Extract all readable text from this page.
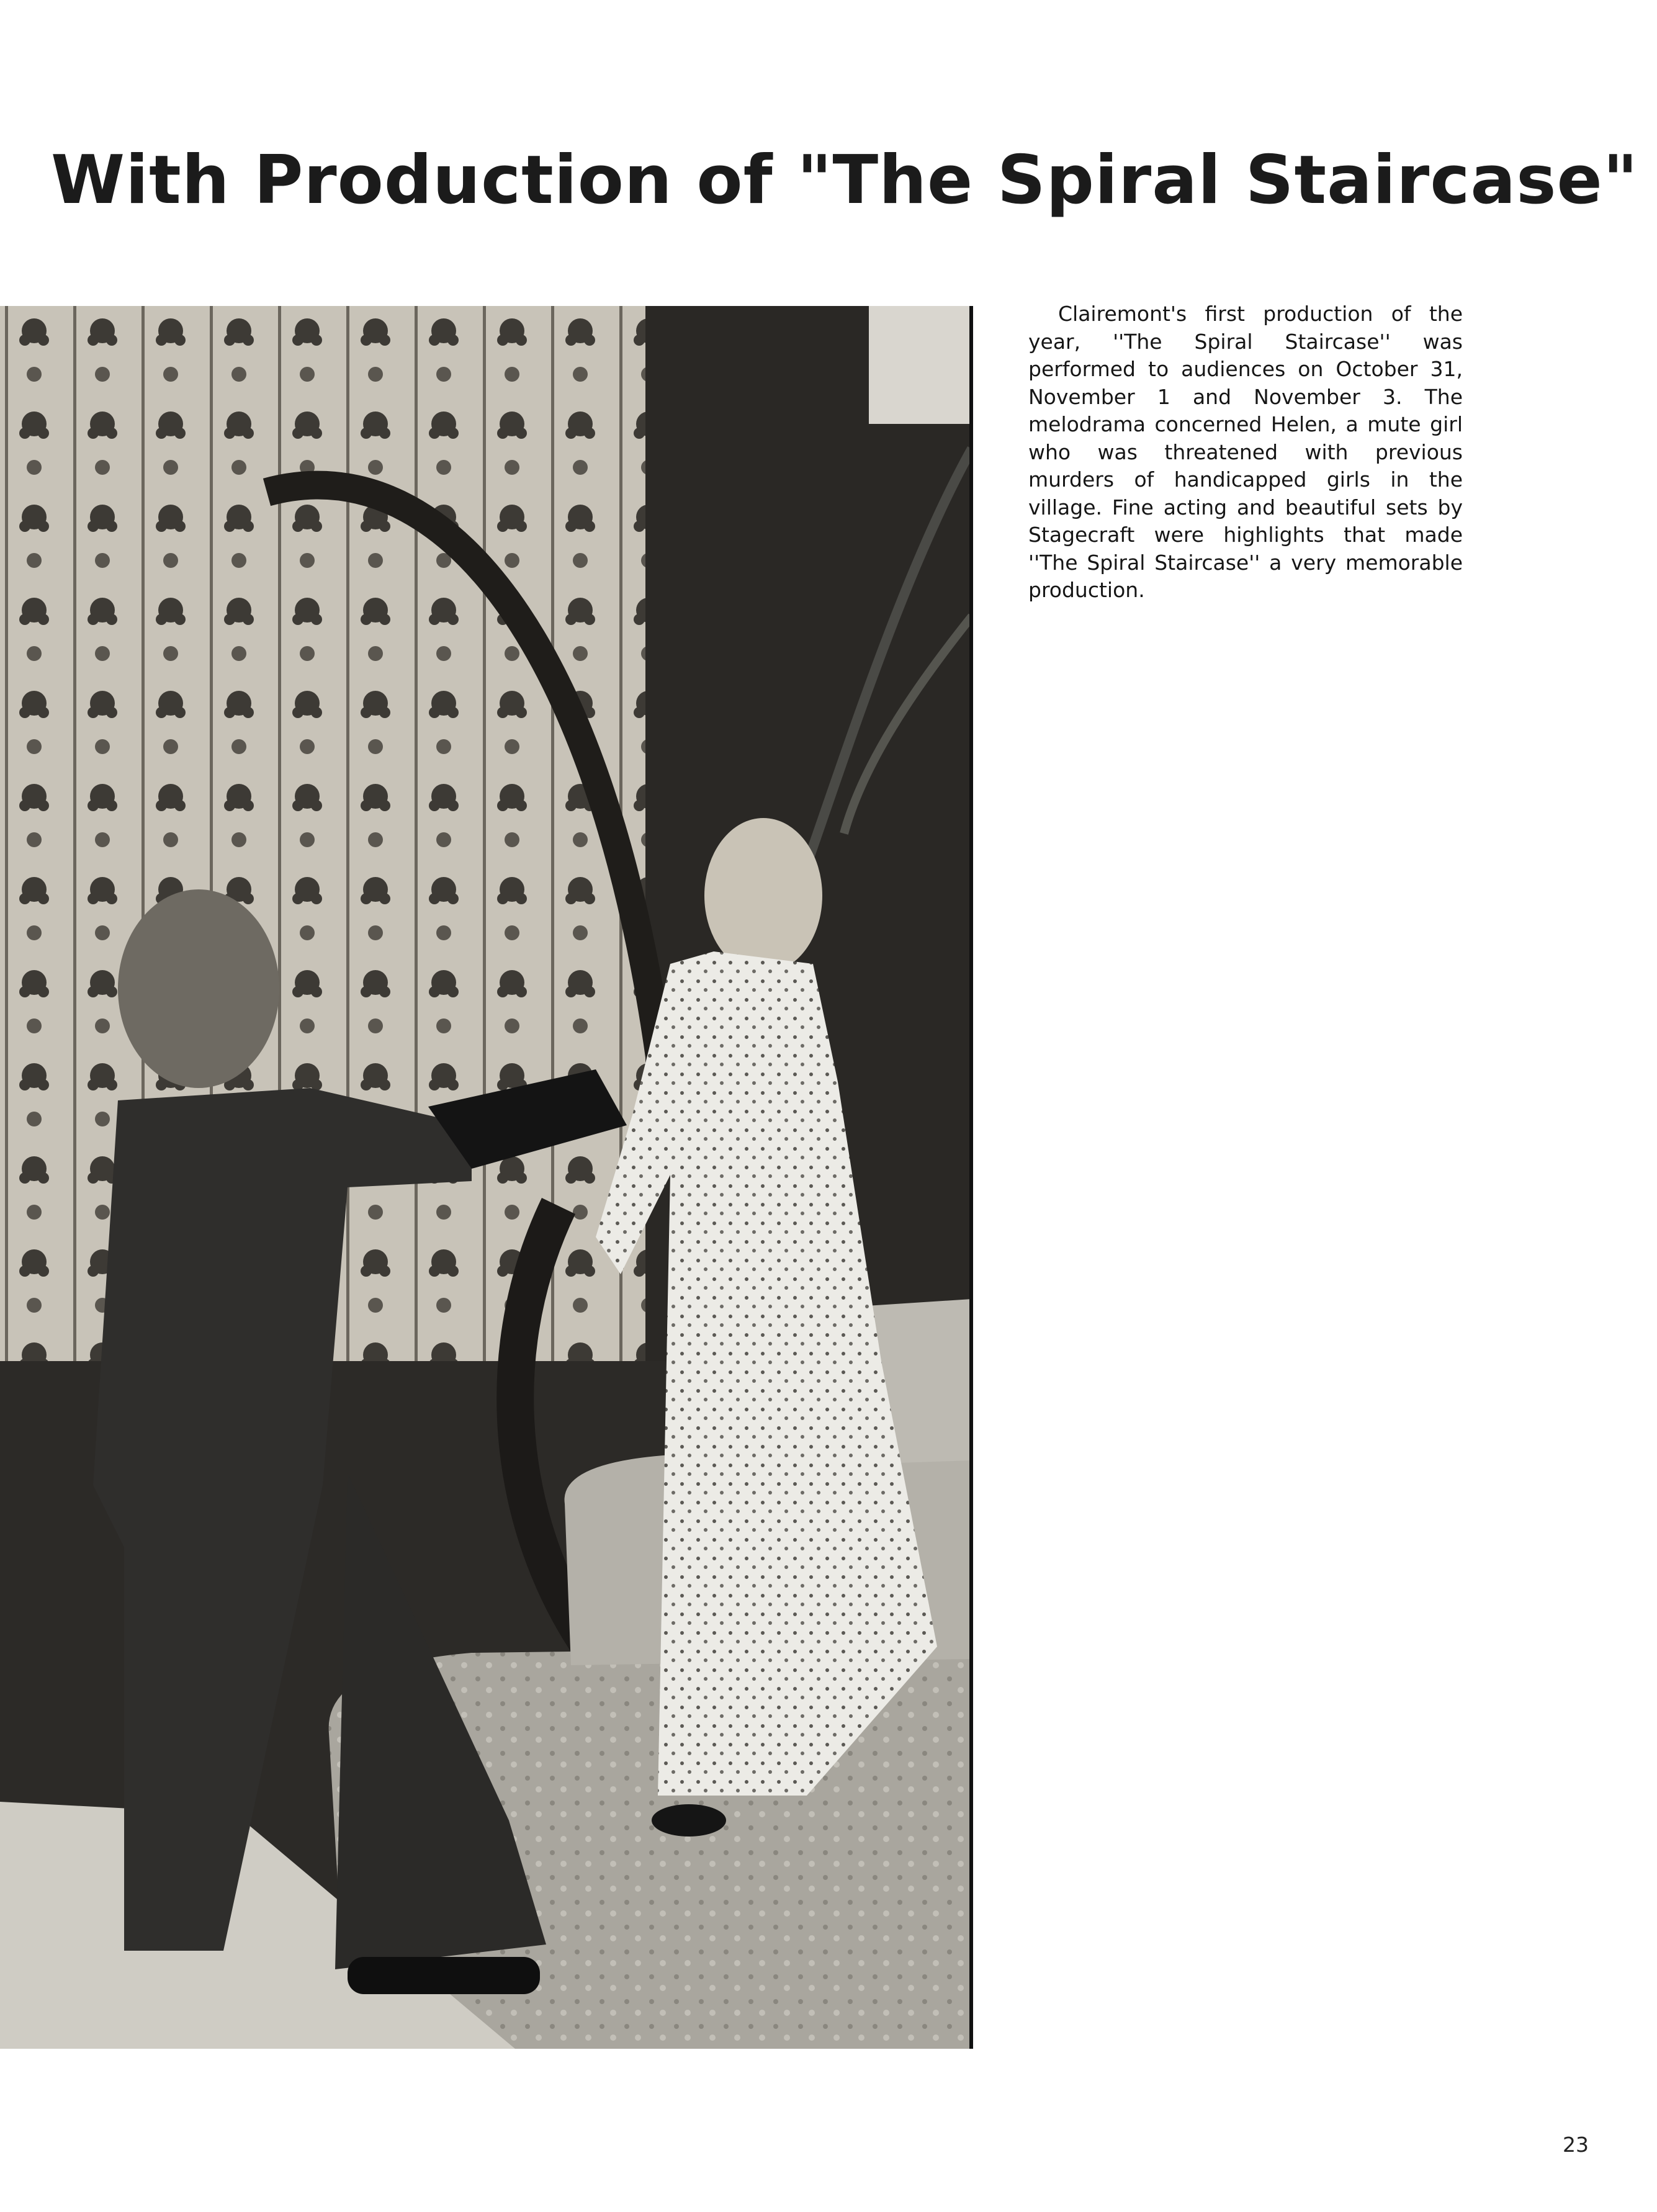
With Production of "The Spiral Staircase"

Clairemont's first production of the year, ''The Spiral Staircase'' was performed to audiences on October 31, November 1 and November 3. The melodrama concerned Helen, a mute girl who was threatened with previous murders of handicapped girls in the village. Fine acting and beautiful sets by Stagecraft were highlights that made ''The Spiral Staircase'' a very memorable production.

23
